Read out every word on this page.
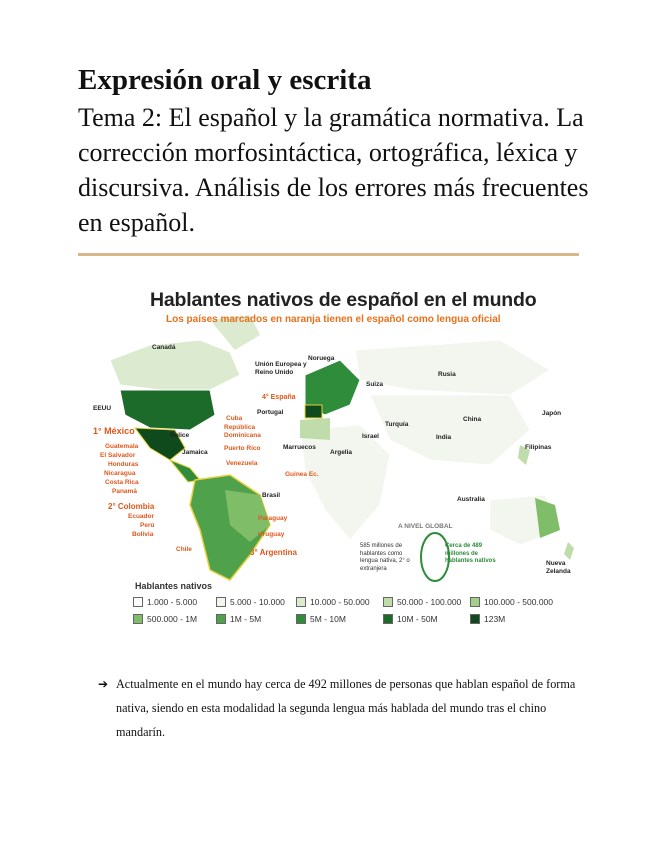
Expresión oral y escrita
Tema 2: El español y la gramática normativa. La corrección morfosintáctica, ortográfica, léxica y discursiva. Análisis de los errores más frecuentes en español.
Hablantes nativos de español en el mundo
Los países marcados en naranja tienen el español como lengua oficial
Canadá
EEUU
1° México
Guatemala
El Salvador
Honduras
Nicaragua
Costa Rica
Panamá
2° Colombia
Ecuador
Perú
Bolivia
Chile	3° Argentina
Cuba
República Dominicana
Puerto Rico
Venezuela
Belice
Jamaica
Brasil
Paraguay
Uruguay
Unión Europea y Reino Unido
Noruega
4° España
Portugal
Suiza
Rusia
Turquía
Israel
Marruecos
Argelia
Guinea Ec.
China
India
Japón
Filipinas
Australia
Nueva Zelanda
A NIVEL GLOBAL
585 millones de hablantes como lengua nativa, 2° o extranjera
Cerca de 489 millones de hablantes nativos
Hablantes nativos
1.000 - 5.000	5.000 - 10.000	10.000 - 50.000	50.000 - 100.000	100.000 - 500.000
500.000 - 1M	1M - 5M	5M - 10M	10M - 50M	123M
➔ Actualmente en el mundo hay cerca de 492 millones de personas que hablan español de forma nativa, siendo en esta modalidad la segunda lengua más hablada del mundo tras el chino mandarín.
